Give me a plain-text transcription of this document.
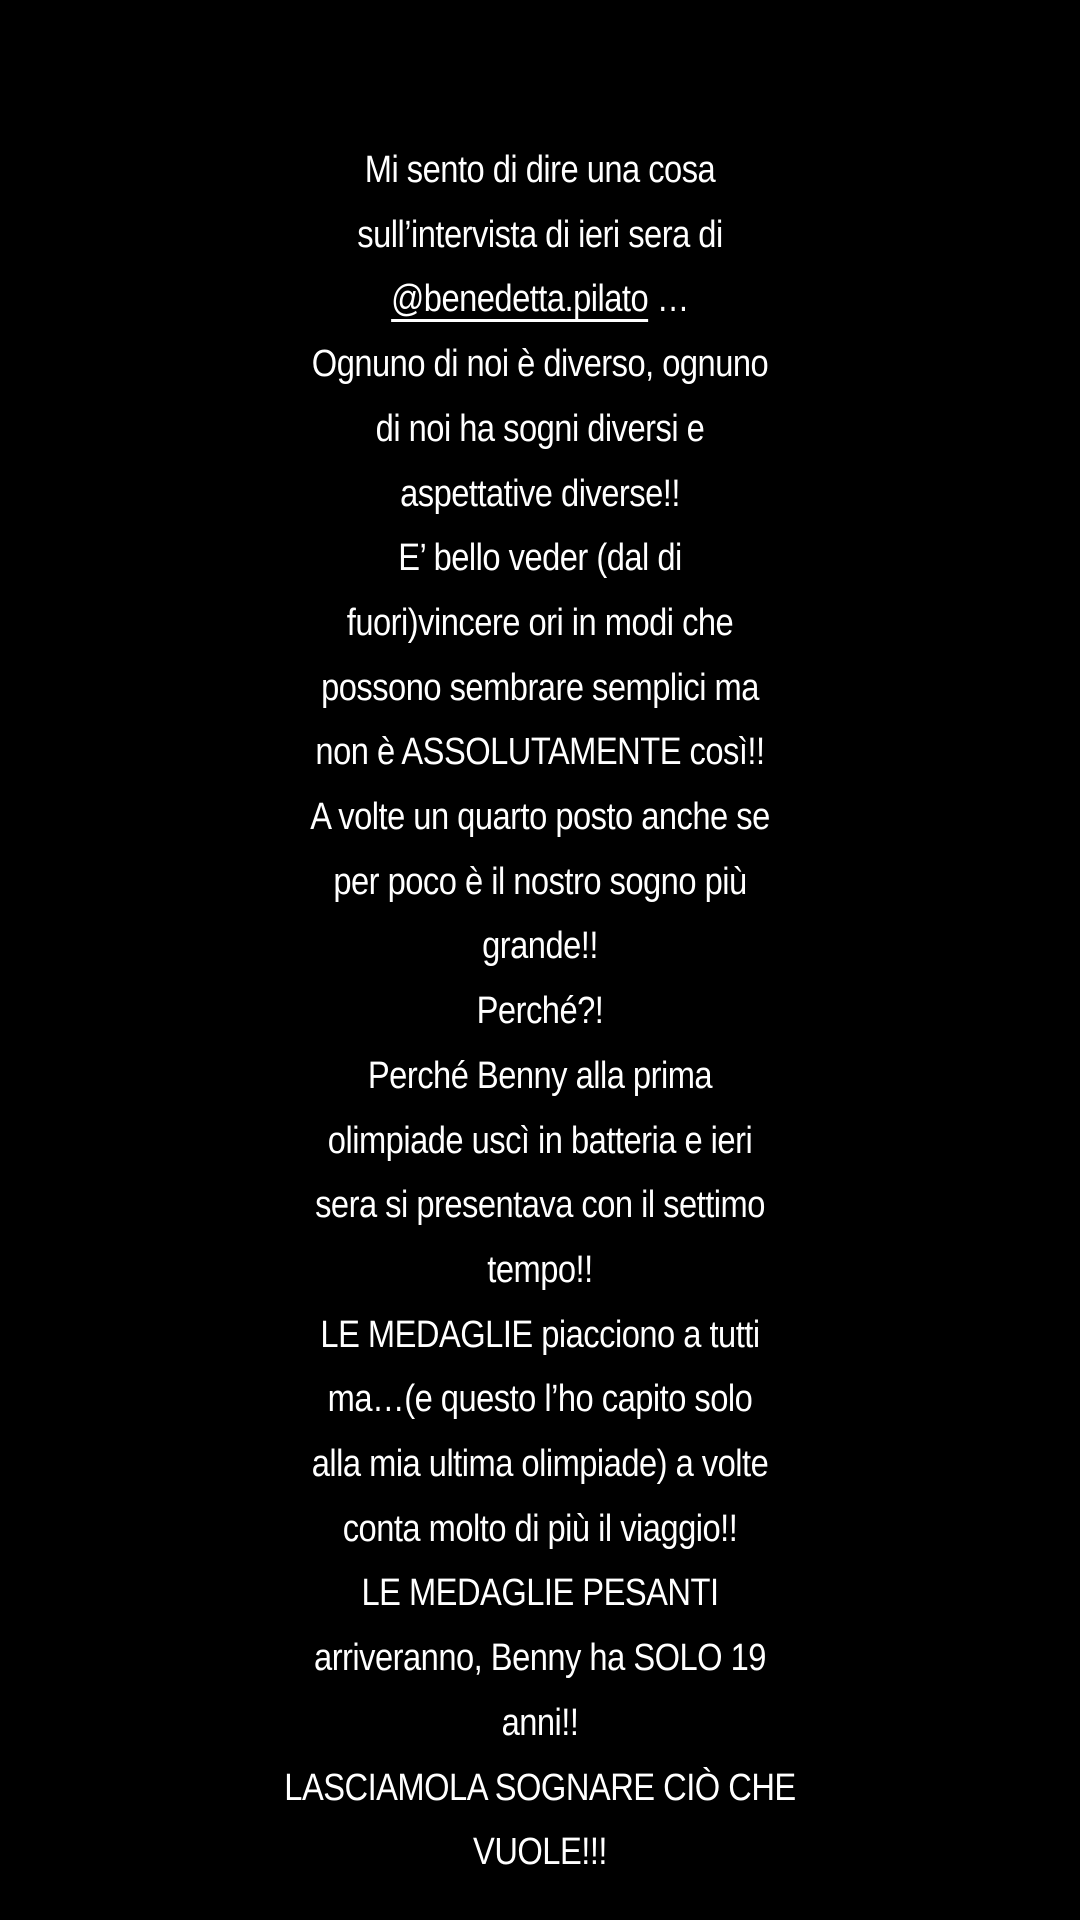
Mi sento di dire una cosa
sull’intervista di ieri sera di
@benedetta.pilato …
Ognuno di noi è diverso, ognuno
di noi ha sogni diversi e
aspettative diverse!!
E’ bello veder (dal di
fuori)vincere ori in modi che
possono sembrare semplici ma
non è ASSOLUTAMENTE così!!
A volte un quarto posto anche se
per poco è il nostro sogno più
grande!!
Perché?!
Perché Benny alla prima
olimpiade uscì in batteria e ieri
sera si presentava con il settimo
tempo!!
LE MEDAGLIE piacciono a tutti
ma…(e questo l’ho capito solo
alla mia ultima olimpiade) a volte
conta molto di più il viaggio!!
LE MEDAGLIE PESANTI
arriveranno, Benny ha SOLO 19
anni!!
LASCIAMOLA SOGNARE CIÒ CHE
VUOLE!!!
